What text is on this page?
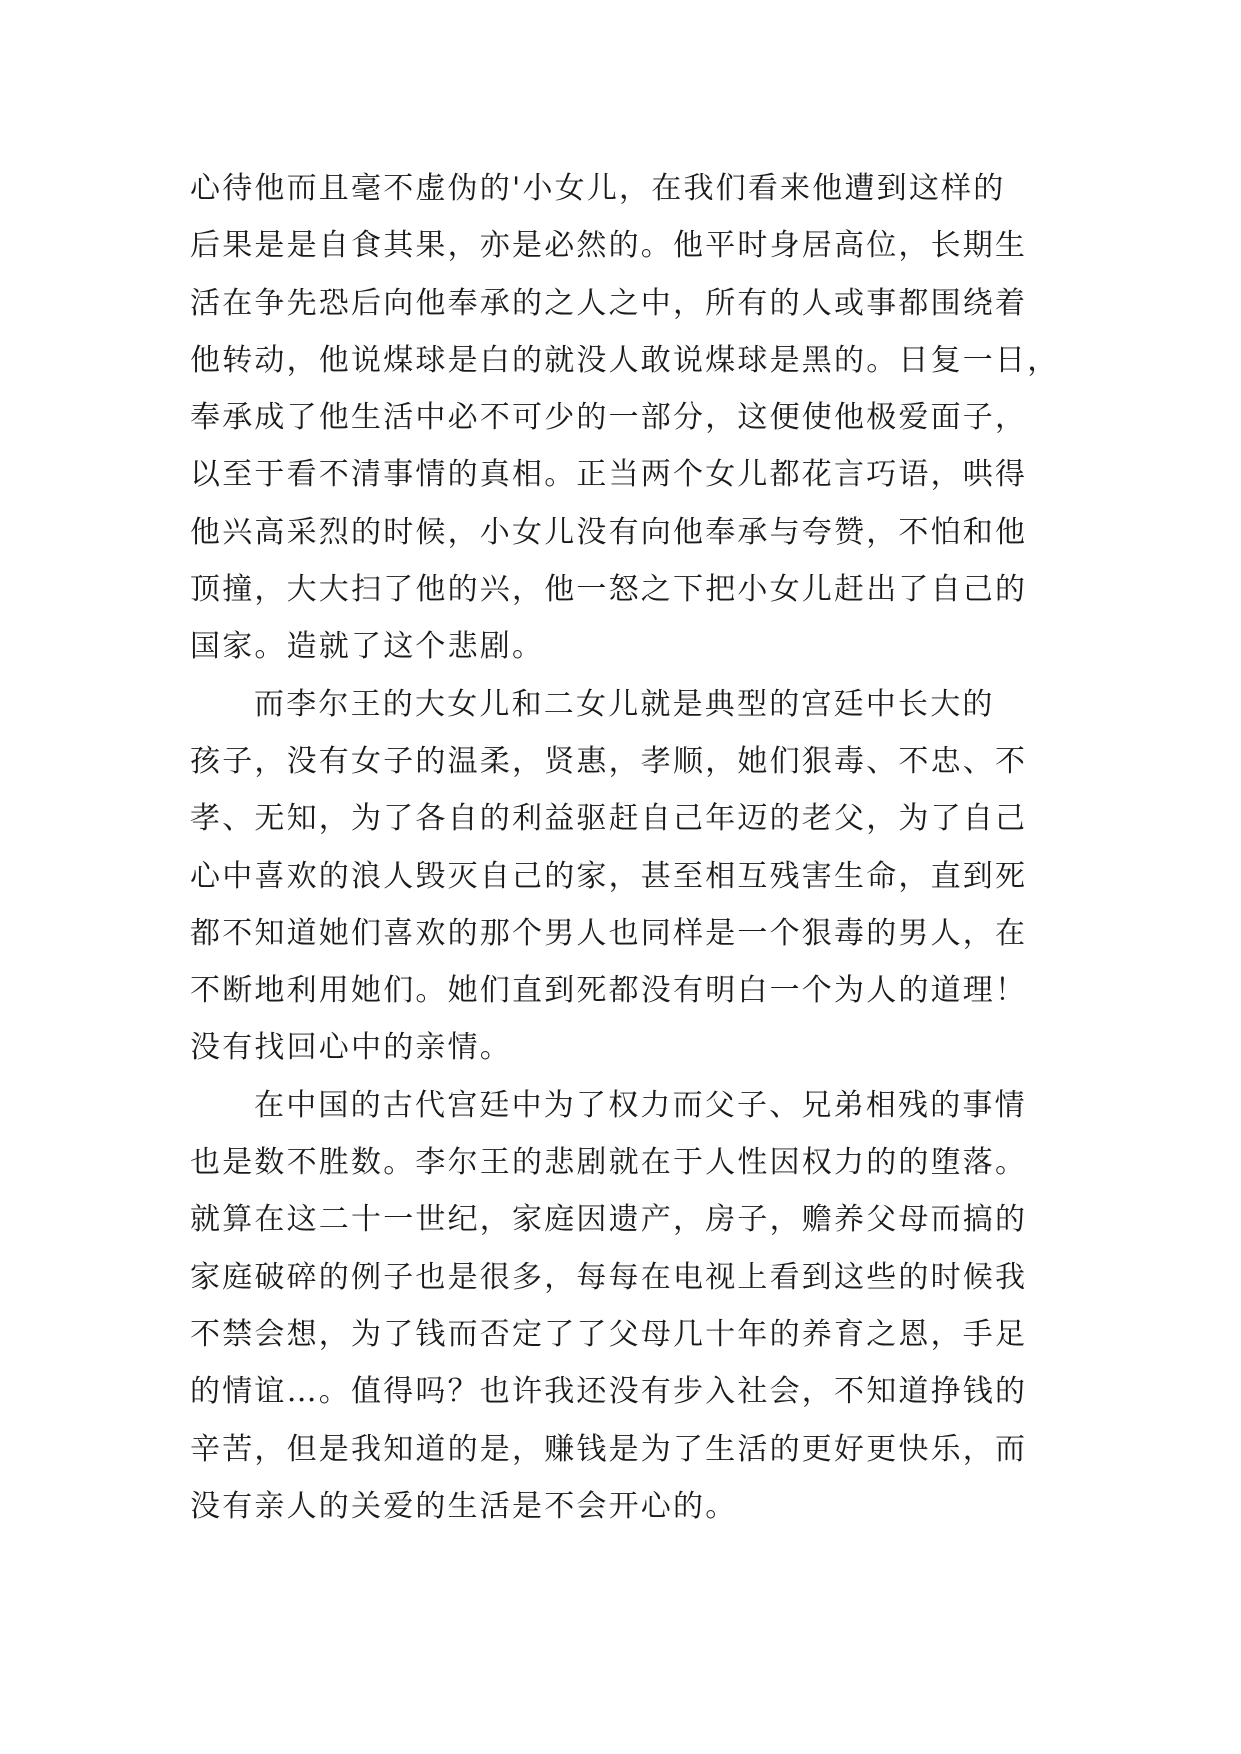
心待他而且毫不虚伪的'小女儿，在我们看来他遭到这样的
后果是是自食其果，亦是必然的。他平时身居高位，长期生
活在争先恐后向他奉承的之人之中，所有的人或事都围绕着
他转动，他说煤球是白的就没人敢说煤球是黑的。日复一日，
奉承成了他生活中必不可少的一部分，这便使他极爱面子，
以至于看不清事情的真相。正当两个女儿都花言巧语，哄得
他兴高采烈的时候，小女儿没有向他奉承与夸赞，不怕和他
顶撞，大大扫了他的兴，他一怒之下把小女儿赶出了自己的
国家。造就了这个悲剧。
而李尔王的大女儿和二女儿就是典型的宫廷中长大的
孩子，没有女子的温柔，贤惠，孝顺，她们狠毒、不忠、不
孝、无知，为了各自的利益驱赶自己年迈的老父，为了自己
心中喜欢的浪人毁灭自己的家，甚至相互残害生命，直到死
都不知道她们喜欢的那个男人也同样是一个狠毒的男人，在
不断地利用她们。她们直到死都没有明白一个为人的道理！
没有找回心中的亲情。
在中国的古代宫廷中为了权力而父子、兄弟相残的事情
也是数不胜数。李尔王的悲剧就在于人性因权力的的堕落。
就算在这二十一世纪，家庭因遗产，房子，赡养父母而搞的
家庭破碎的例子也是很多，每每在电视上看到这些的时候我
不禁会想，为了钱而否定了了父母几十年的养育之恩，手足
的情谊…。值得吗？也许我还没有步入社会，不知道挣钱的
辛苦，但是我知道的是，赚钱是为了生活的更好更快乐，而
没有亲人的关爱的生活是不会开心的。
